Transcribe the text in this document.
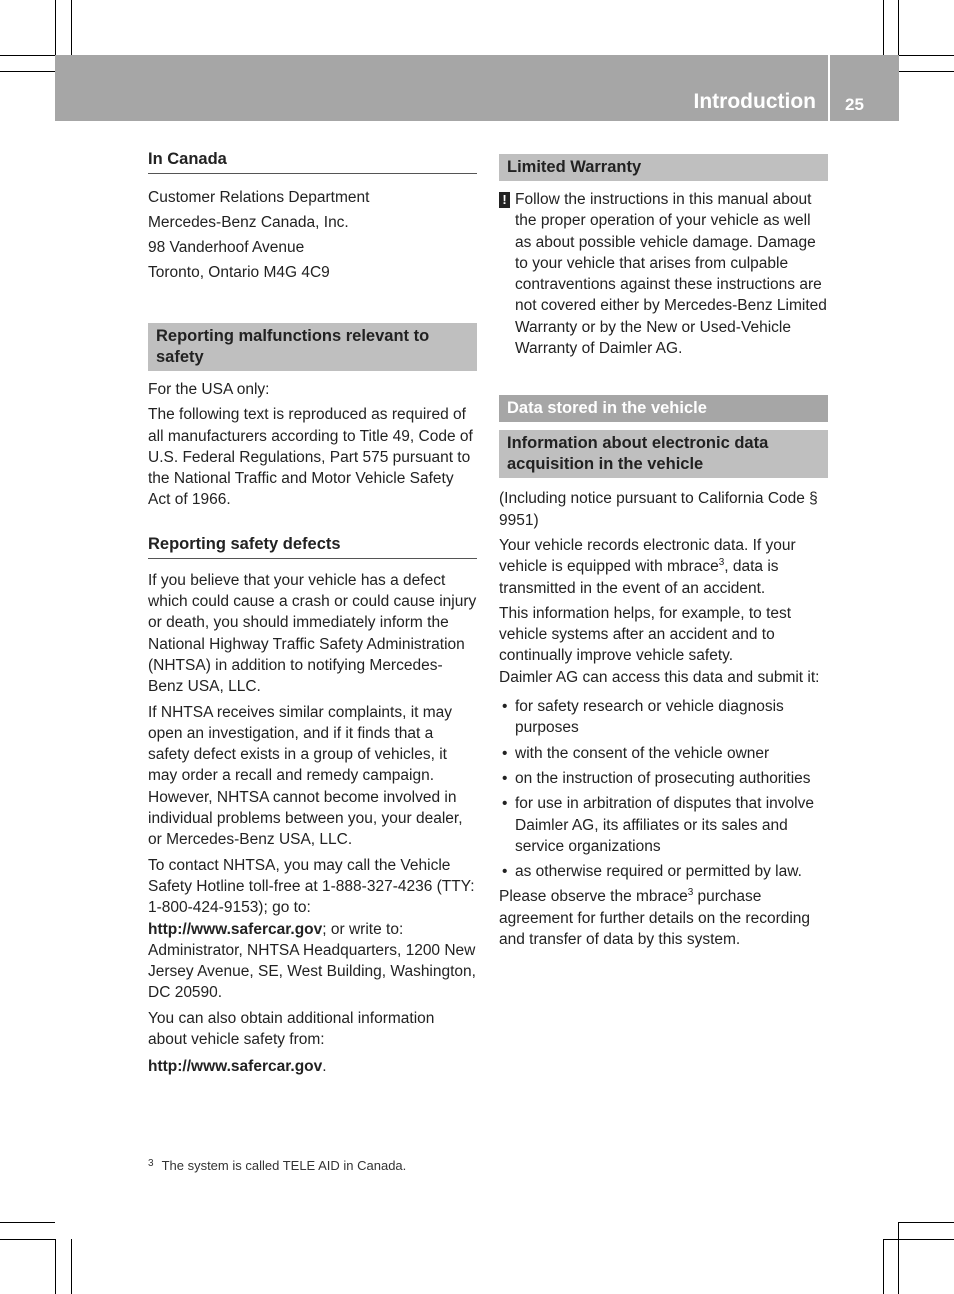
Introduction 25
In Canada

Customer Relations Department

Mercedes-Benz Canada, Inc.

98 Vanderhoof Avenue

Toronto, Ontario M4G 4C9

Reporting malfunctions relevant to safety

For the USA only:

The following text is reproduced as required of all manufacturers according to Title 49, Code of U.S. Federal Regulations, Part 575 pursuant to the National Traffic and Motor Vehicle Safety Act of 1966.

Reporting safety defects

If you believe that your vehicle has a defect which could cause a crash or could cause injury or death, you should immediately inform the National Highway Traffic Safety Administration (NHTSA) in addition to notifying Mercedes-Benz USA, LLC.

If NHTSA receives similar complaints, it may open an investigation, and if it finds that a safety defect exists in a group of vehicles, it may order a recall and remedy campaign. However, NHTSA cannot become involved in individual problems between you, your dealer, or Mercedes-Benz USA, LLC.

To contact NHTSA, you may call the Vehicle Safety Hotline toll-free at 1-888-327-4236 (TTY: 1-800-424-9153); go to: http://www.safercar.gov; or write to: Administrator, NHTSA Headquarters, 1200 New Jersey Avenue, SE, West Building, Washington, DC 20590.

You can also obtain additional information about vehicle safety from:

http://www.safercar.gov.

Limited Warranty
! Follow the instructions in this manual about the proper operation of your vehicle as well as about possible vehicle damage. Damage to your vehicle that arises from culpable contraventions against these instructions are not covered either by Mercedes-Benz Limited Warranty or by the New or Used-Vehicle Warranty of Daimler AG.

Data stored in the vehicle
Information about electronic data acquisition in the vehicle

(Including notice pursuant to California Code § 9951)

Your vehicle records electronic data. If your vehicle is equipped with mbrace$^3$, data is transmitted in the event of an accident.

This information helps, for example, to test vehicle systems after an accident and to continually improve vehicle safety.

Daimler AG can access this data and submit it:

• for safety research or vehicle diagnosis purposes
• with the consent of the vehicle owner
• on the instruction of prosecuting authorities
• for use in arbitration of disputes that involve Daimler AG, its affiliates or its sales and service organizations
• as otherwise required or permitted by law.

Please observe the mbrace$^3$ purchase agreement for further details on the recording and transfer of data by this system.

$^3$ The system is called TELE AID in Canada.
